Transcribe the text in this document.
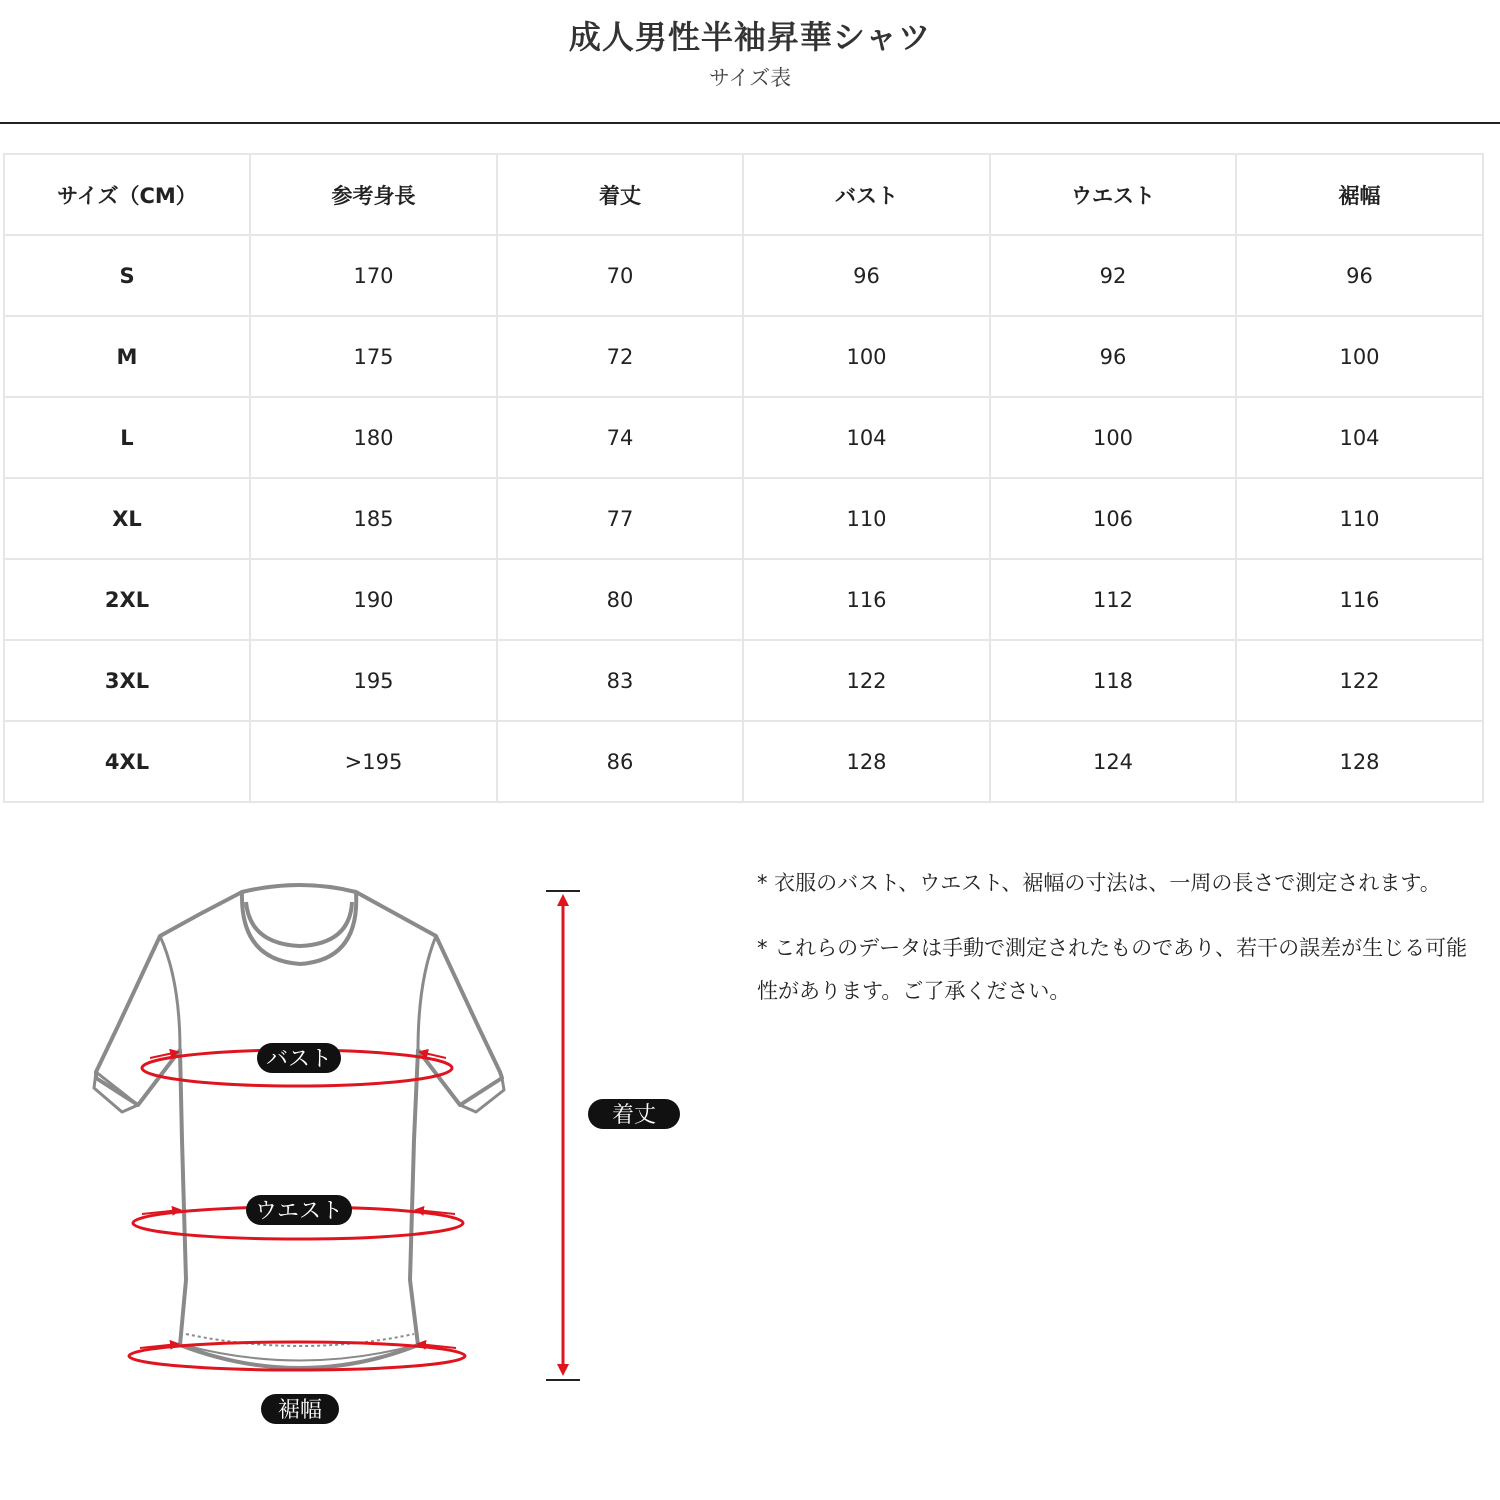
成人男性半袖昇華シャツ
サイズ表
サイズ（CM）	参考身長	着丈	バスト	ウエスト	裾幅
S	170	70	96	92	96
M	175	72	100	96	100
L	180	74	104	100	104
XL	185	77	110	106	110
2XL	190	80	116	112	116
3XL	195	83	122	118	122
4XL	>195	86	128	124	128
バスト
ウエスト
裾幅
着丈

* 衣服のバスト、ウエスト、裾幅の寸法は、一周の長さで測定されます。

* これらのデータは手動で測定されたものであり、若干の誤差が生じる可能性があります。ご了承ください。
